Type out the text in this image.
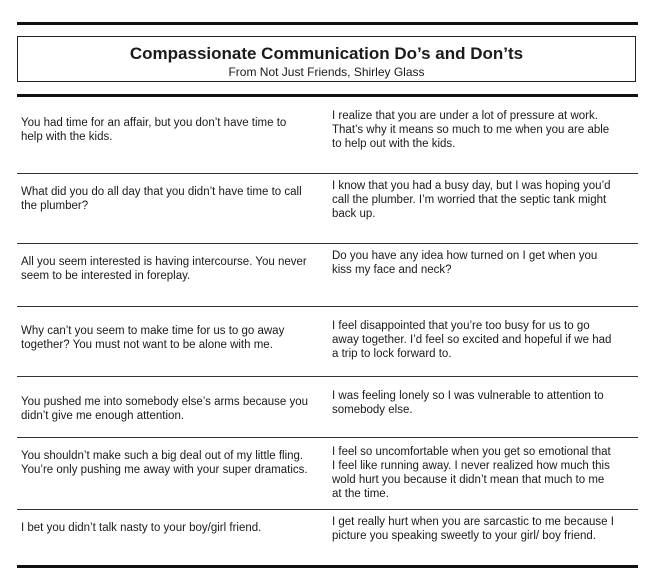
Compassionate Communication Do’s and Don’ts
From Not Just Friends, Shirley Glass
You had time for an affair, but you don’t have time to help with the kids.
I realize that you are under a lot of pressure at work. That’s why it means so much to me when you are able to help out with the kids.
What did you do all day that you didn’t have time to call the plumber?
I know that you had a busy day, but I was hoping you’d call the plumber. I’m worried that the septic tank might back up.
All you seem interested is having intercourse. You never seem to be interested in foreplay.
Do you have any idea how turned on I get when you kiss my face and neck?
Why can’t you seem to make time for us to go away together? You must not want to be alone with me.
I feel disappointed that you’re too busy for us to go away together. I’d feel so excited and hopeful if we had a trip to lock forward to.
You pushed me into somebody else’s arms because you didn’t give me enough attention.
I was feeling lonely so I was vulnerable to attention to somebody else.
You shouldn’t make such a big deal out of my little fling. You’re only pushing me away with your super dramatics.
I feel so uncomfortable when you get so emotional that I feel like running away. I never realized how much this wold hurt you because it didn’t mean that much to me at the time.
I bet you didn’t talk nasty to your boy/girl friend.	I get really hurt when you are sarcastic to me because I picture you speaking sweetly to your girl/ boy friend.
